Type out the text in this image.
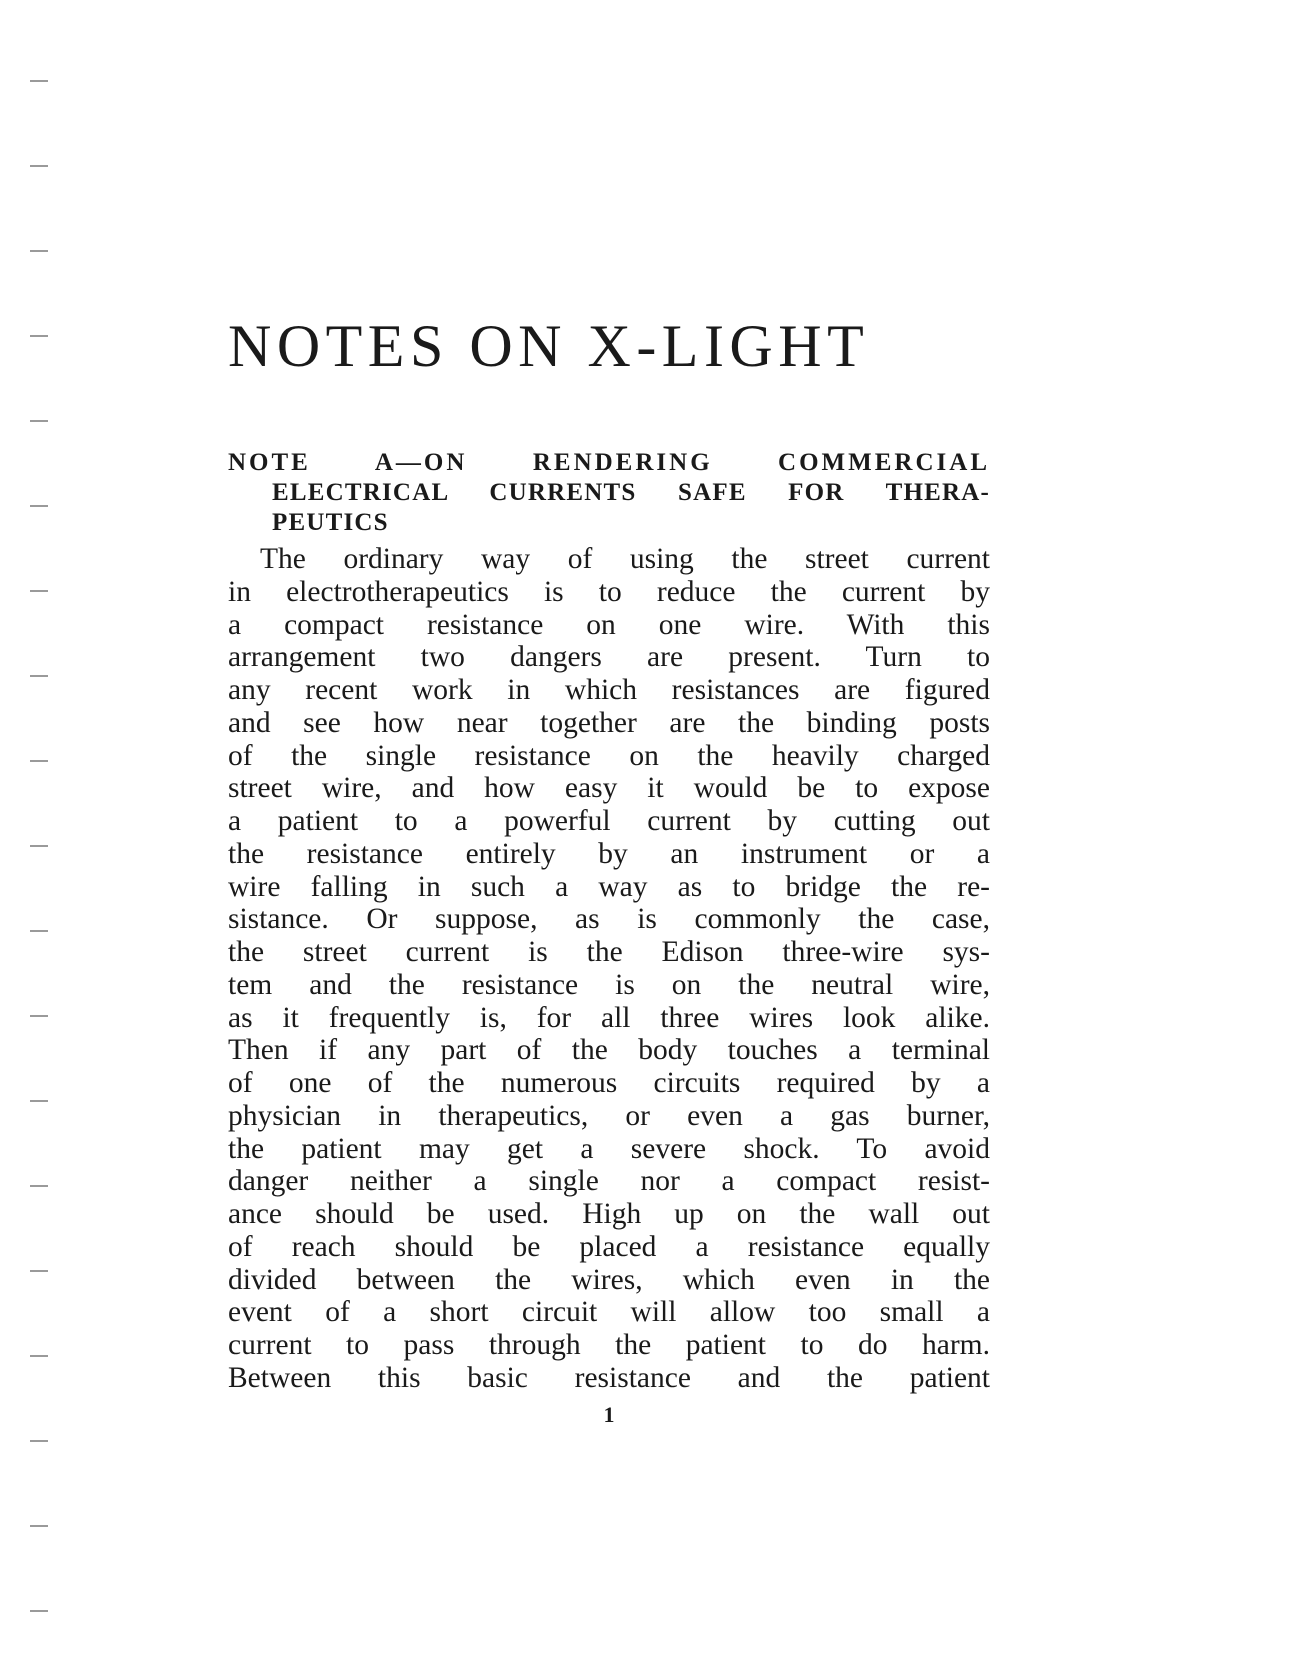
NOTES ON X-LIGHT
NOTE A—ON RENDERING COMMERCIAL
ELECTRICAL CURRENTS SAFE FOR THERA-
PEUTICS
The ordinary way of using the street current
in electrotherapeutics is to reduce the current by
a compact resistance on one wire. With this
arrangement two dangers are present. Turn to
any recent work in which resistances are figured
and see how near together are the binding posts
of the single resistance on the heavily charged
street wire, and how easy it would be to expose
a patient to a powerful current by cutting out
the resistance entirely by an instrument or a
wire falling in such a way as to bridge the re-
sistance. Or suppose, as is commonly the case,
the street current is the Edison three-wire sys-
tem and the resistance is on the neutral wire,
as it frequently is, for all three wires look alike.
Then if any part of the body touches a terminal
of one of the numerous circuits required by a
physician in therapeutics, or even a gas burner,
the patient may get a severe shock. To avoid
danger neither a single nor a compact resist-
ance should be used. High up on the wall out
of reach should be placed a resistance equally
divided between the wires, which even in the
event of a short circuit will allow too small a
current to pass through the patient to do harm.
Between this basic resistance and the patient
1
